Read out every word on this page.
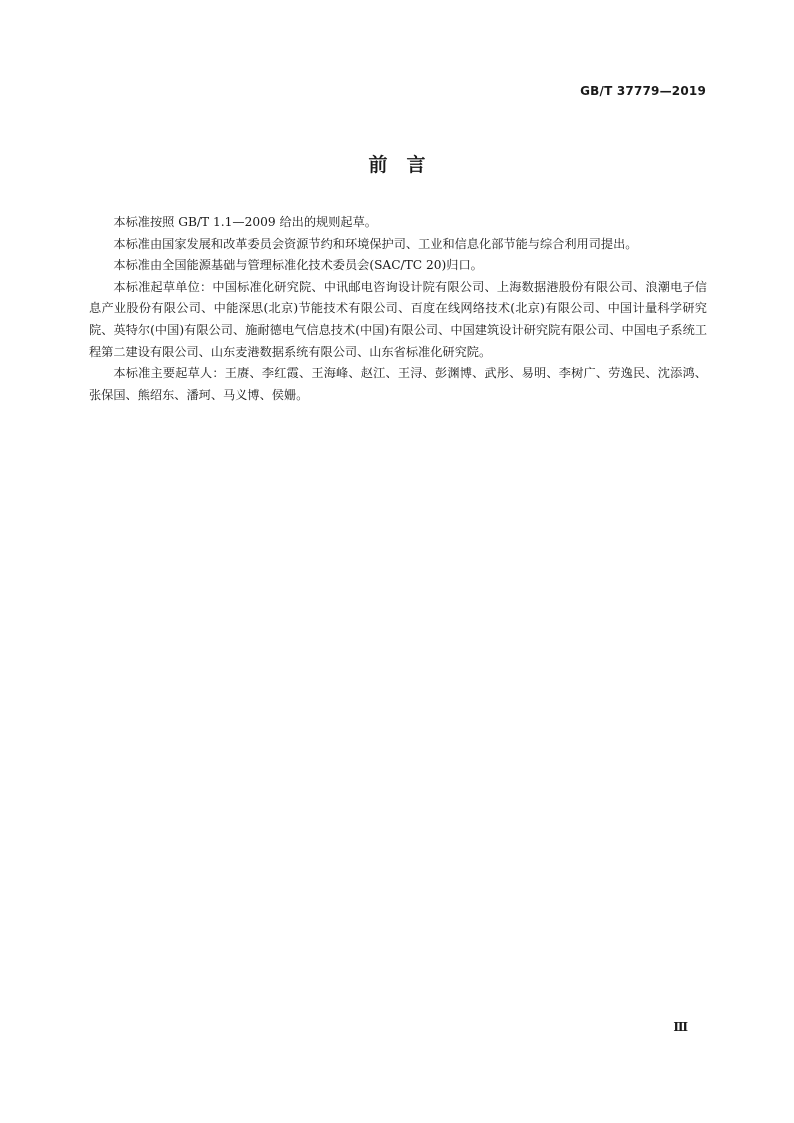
GB/T 37779—2019
前　言

本标准按照 GB/T 1.1—2009 给出的规则起草。

本标准由国家发展和改革委员会资源节约和环境保护司、工业和信息化部节能与综合利用司提出。

本标准由全国能源基础与管理标准化技术委员会(SAC/TC 20)归口。

本标准起草单位：中国标准化研究院、中讯邮电咨询设计院有限公司、上海数据港股份有限公司、浪潮电子信息产业股份有限公司、中能深思(北京)节能技术有限公司、百度在线网络技术(北京)有限公司、中国计量科学研究院、英特尔(中国)有限公司、施耐德电气信息技术(中国)有限公司、中国建筑设计研究院有限公司、中国电子系统工程第二建设有限公司、山东麦港数据系统有限公司、山东省标准化研究院。

本标准主要起草人：王赓、李红霞、王海峰、赵江、王浔、彭渊博、武彤、易明、李树广、劳逸民、沈添鸿、张保国、熊绍东、潘珂、马义博、侯姗。

Ⅲ
